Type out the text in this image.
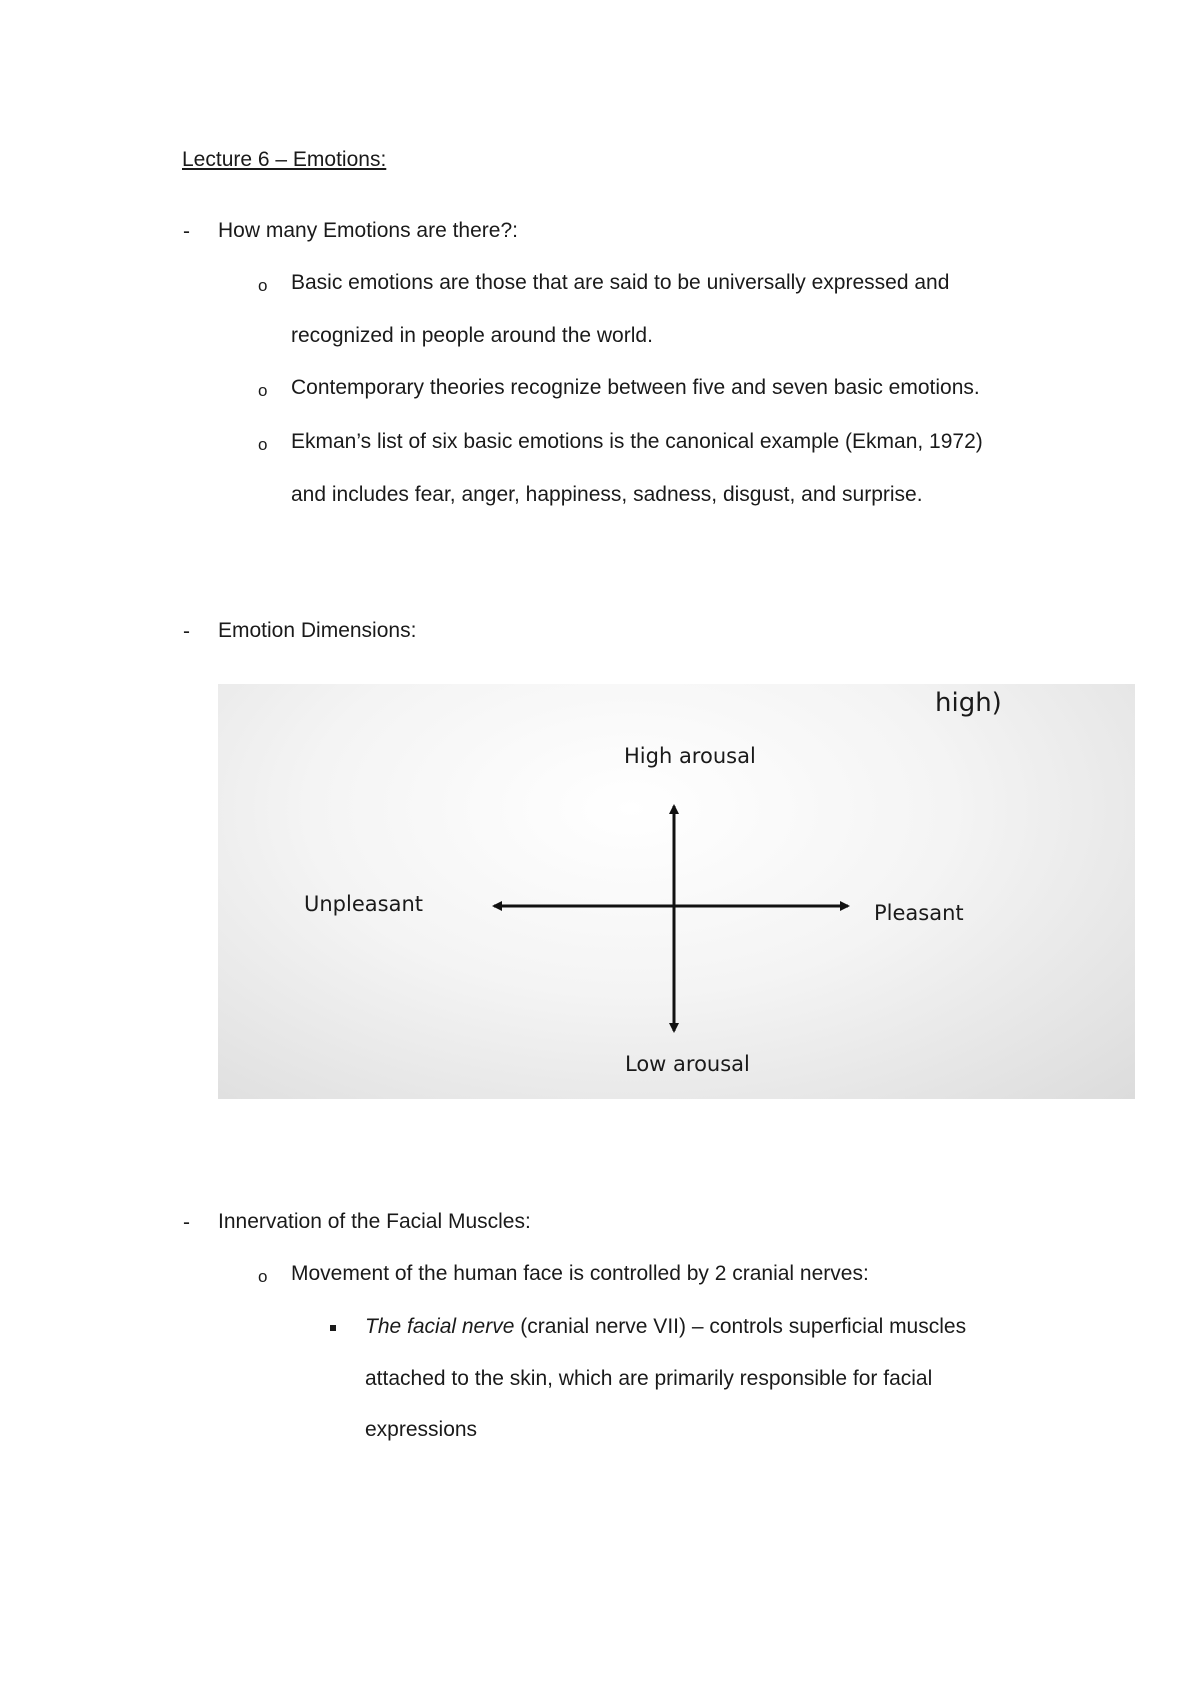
Lecture 6 – Emotions:
- How many Emotions are there?:
o Basic emotions are those that are said to be universally expressed and
recognized in people around the world.
o Contemporary theories recognize between five and seven basic emotions.
o Ekman’s list of six basic emotions is the canonical example (Ekman, 1972)
and includes fear, anger, happiness, sadness, disgust, and surprise.
- Emotion Dimensions:
high)
High arousal
Low arousal
Unpleasant	Pleasant
- Innervation of the Facial Muscles:
o Movement of the human face is controlled by 2 cranial nerves:
The facial nerve (cranial nerve VII) – controls superficial muscles
attached to the skin, which are primarily responsible for facial
expressions
